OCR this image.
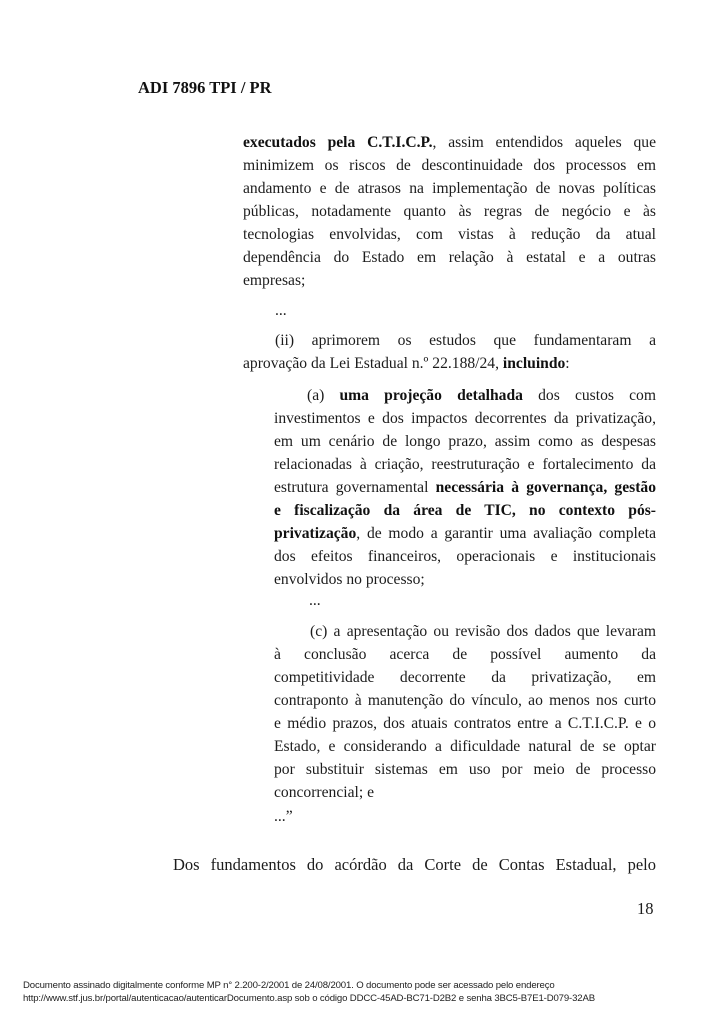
ADI 7896 TPI / PR
executados pela C.T.I.C.P., assim entendidos aqueles que
minimizem os riscos de descontinuidade dos processos em
andamento e de atrasos na implementação de novas políticas
públicas, notadamente quanto às regras de negócio e às
tecnologias envolvidas, com vistas à redução da atual
dependência do Estado em relação à estatal e a outras
empresas;
...
(ii) aprimorem os estudos que fundamentaram a
aprovação da Lei Estadual n.º 22.188/24, incluindo:
(a) uma projeção detalhada dos custos com
investimentos e dos impactos decorrentes da privatização,
em um cenário de longo prazo, assim como as despesas
relacionadas à criação, reestruturação e fortalecimento da
estrutura governamental necessária à governança, gestão
e fiscalização da área de TIC, no contexto pós-
privatização, de modo a garantir uma avaliação completa
dos efeitos financeiros, operacionais e institucionais
envolvidos no processo;
...
(c) a apresentação ou revisão dos dados que levaram
à conclusão acerca de possível aumento da
competitividade decorrente da privatização, em
contraponto à manutenção do vínculo, ao menos nos curto
e médio prazos, dos atuais contratos entre a C.T.I.C.P. e o
Estado, e considerando a dificuldade natural de se optar
por substituir sistemas em uso por meio de processo
concorrencial; e
...”
Dos fundamentos do acórdão da Corte de Contas Estadual, pelo
18
Documento assinado digitalmente conforme MP n° 2.200-2/2001 de 24/08/2001. O documento pode ser acessado pelo endereço
http://www.stf.jus.br/portal/autenticacao/autenticarDocumento.asp sob o código DDCC-45AD-BC71-D2B2 e senha 3BC5-B7E1-D079-32AB
